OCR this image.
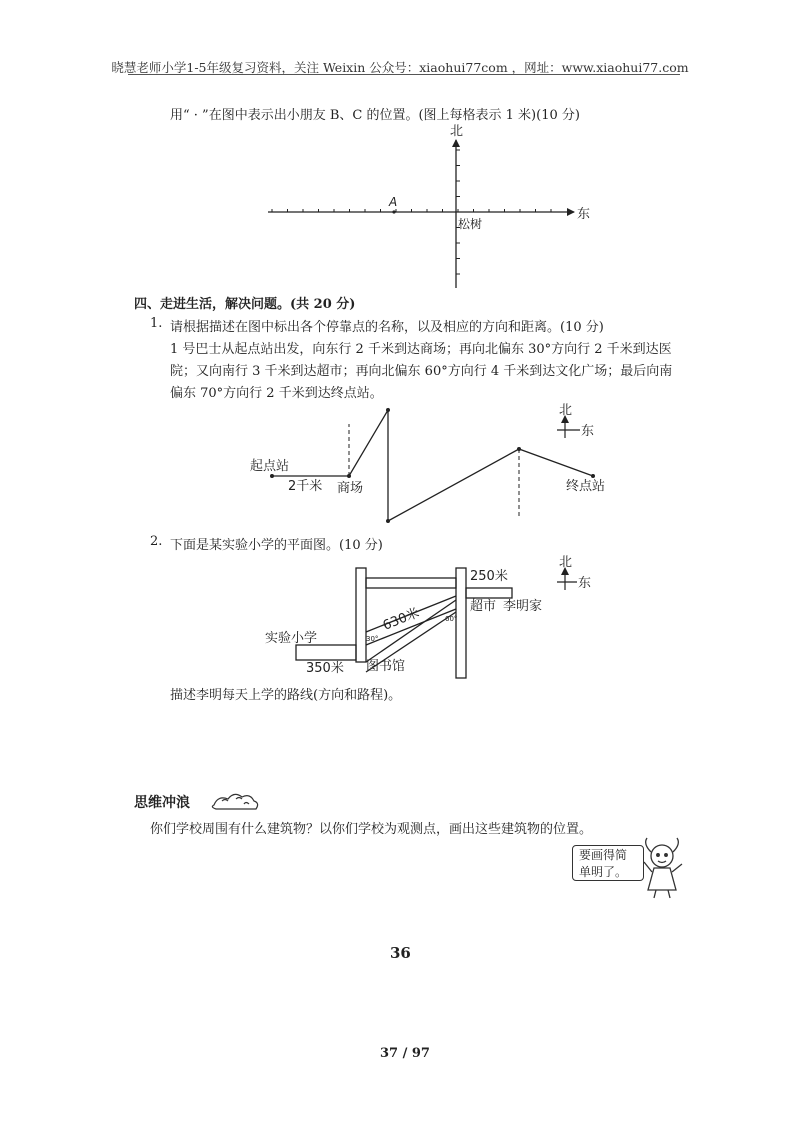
晓慧老师小学1-5年级复习资料，关注 Weixin 公众号：xiaohui77com ，网址：www.xiaohui77.com
用“ · ”在图中表示出小朋友 B、C 的位置。(图上每格表示 1 米)(10 分)
北
东
A
松树
起点站
2千米 商场	终点站
北
东
实验小学
350米 图书馆
250米
超市 李明家
630米
30°
60°
北
东
四、走进生活，解决问题。(共 20 分)
1. 请根据描述在图中标出各个停靠点的名称，以及相应的方向和距离。(10 分)
1 号巴士从起点站出发，向东行 2 千米到达商场；再向北偏东 30°方向行 2 千米到达医
院；又向南行 3 千米到达超市；再向北偏东 60°方向行 4 千米到达文化广场；最后向南
偏东 70°方向行 2 千米到达终点站。
2. 下面是某实验小学的平面图。(10 分)
描述李明每天上学的路线(方向和路程)。
思维冲浪
你们学校周围有什么建筑物？以你们学校为观测点，画出这些建筑物的位置。
要画得简
单明了。
36
37 / 97
